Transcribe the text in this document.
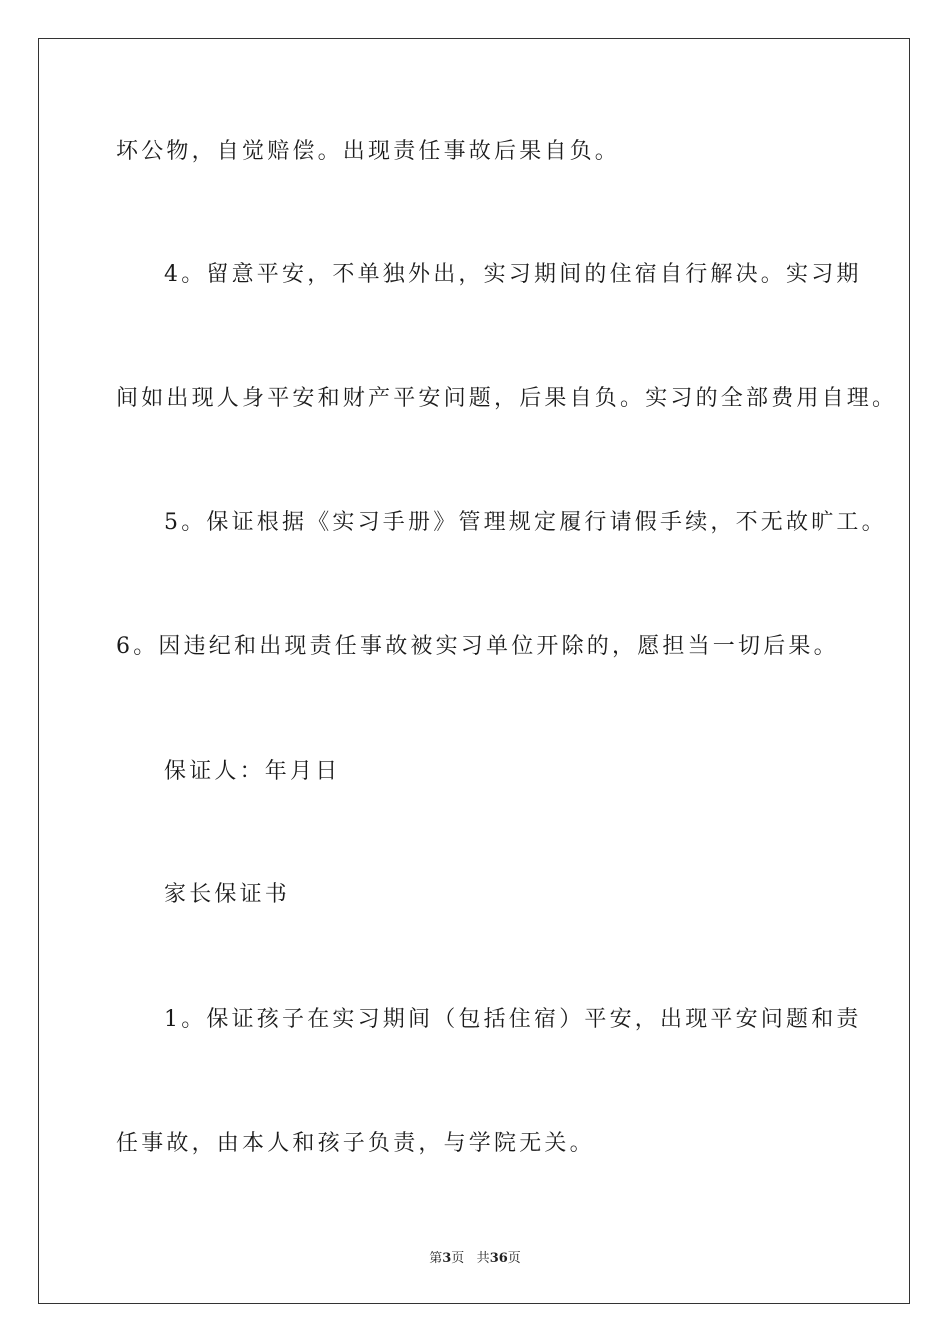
坏公物，自觉赔偿。出现责任事故后果自负。
4。留意平安，不单独外出，实习期间的住宿自行解决。实习期
间如出现人身平安和财产平安问题，后果自负。实习的全部费用自理。
5。保证根据《实习手册》管理规定履行请假手续，不无故旷工。
6。因违纪和出现责任事故被实习单位开除的，愿担当一切后果。
保证人：年月日
家长保证书
1。保证孩子在实习期间（包括住宿）平安，出现平安问题和责
任事故，由本人和孩子负责，与学院无关。
第3页 共36页
